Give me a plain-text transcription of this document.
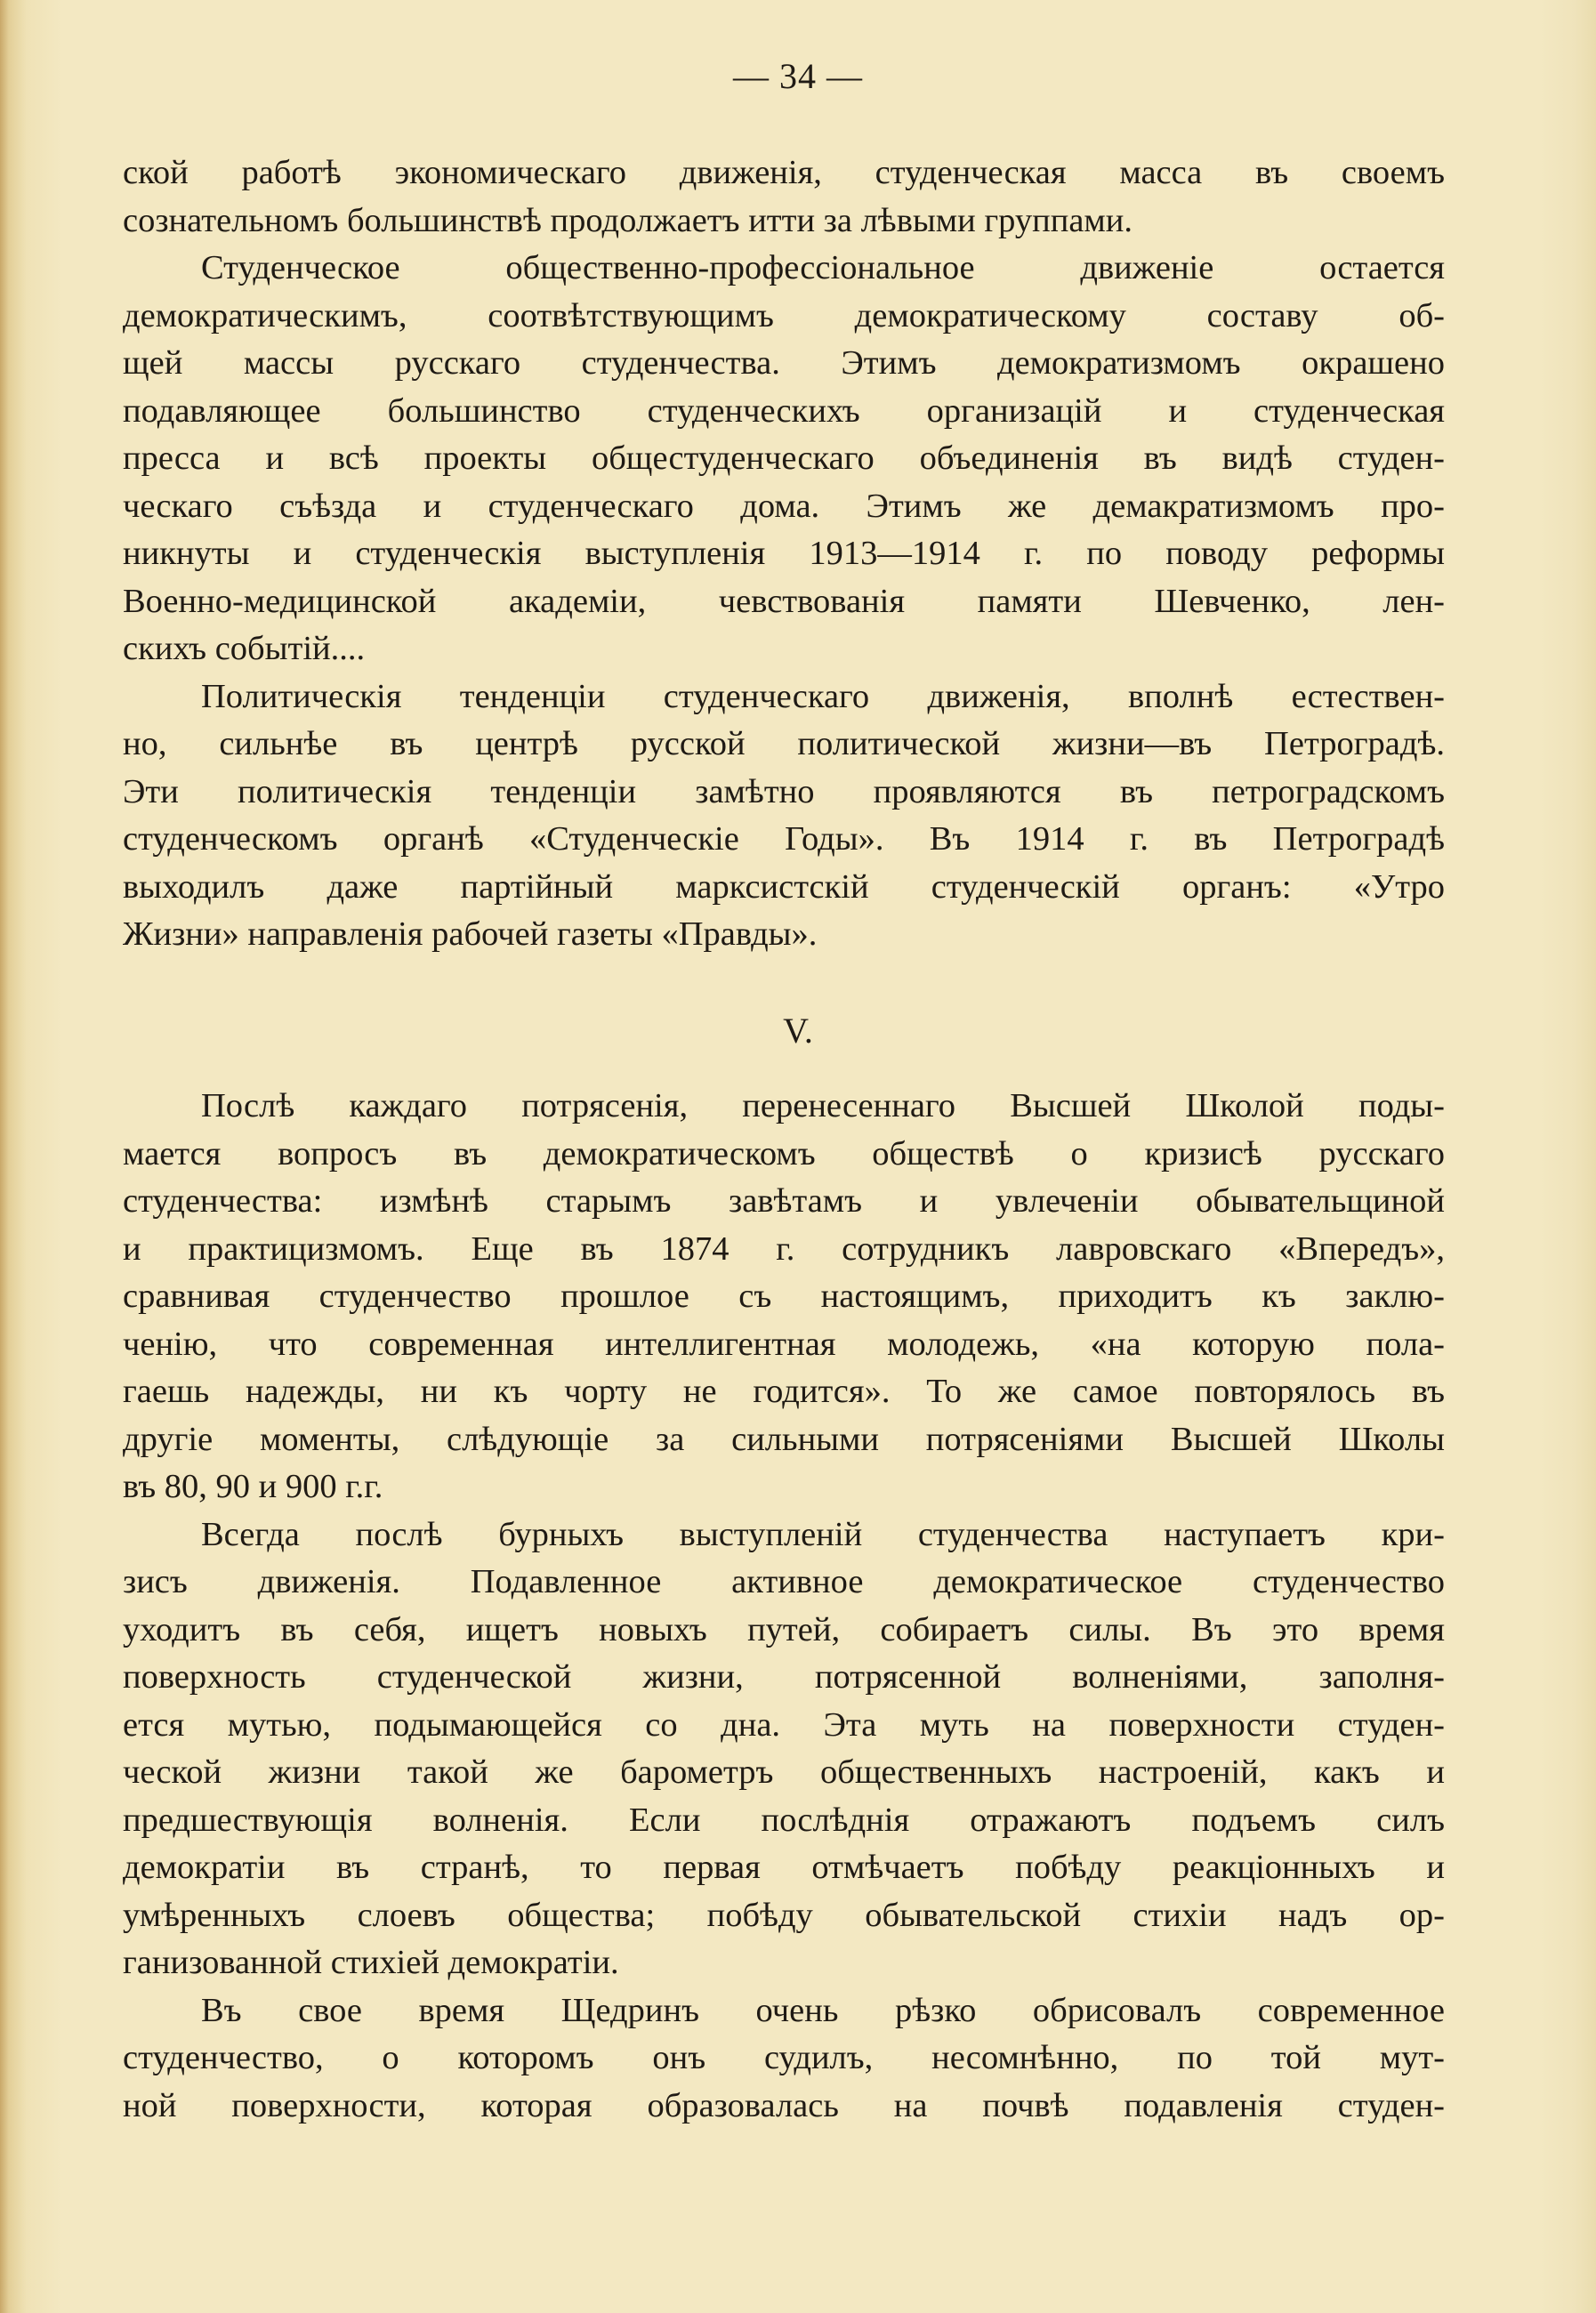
— 34 —
ской работѣ экономическаго движенія, студенческая масса въ своемъ
сознательномъ большинствѣ продолжаетъ итти за лѣвыми группами.
Студенческое общественно-профессіональное движеніе остается
демократическимъ, соотвѣтствующимъ демократическому составу об-
щей массы русскаго студенчества. Этимъ демократизмомъ окрашено
подавляющее большинство студенческихъ организацій и студенческая
пресса и всѣ проекты общестуденческаго объединенія въ видѣ студен-
ческаго съѣзда и студенческаго дома. Этимъ же демакратизмомъ про-
никнуты и студенческія выступленія 1913—1914 г. по поводу реформы
Военно-медицинской академіи, чевствованія памяти Шевченко, лен-
скихъ событій....
Политическія тенденціи студенческаго движенія, вполнѣ естествен-
но, сильнѣе въ центрѣ русской политической жизни—въ Петроградѣ.
Эти политическія тенденціи замѣтно проявляются въ петроградскомъ
студенческомъ органѣ «Студенческіе Годы». Въ 1914 г. въ Петроградѣ
выходилъ даже партійный марксистскій студенческій органъ: «Утро
Жизни» направленія рабочей газеты «Правды».
V.
Послѣ каждаго потрясенія, перенесеннаго Высшей Школой поды-
мается вопросъ въ демократическомъ обществѣ о кризисѣ русскаго
студенчества: измѣнѣ старымъ завѣтамъ и увлеченіи обывательщиной
и практицизмомъ. Еще въ 1874 г. сотрудникъ лавровскаго «Впередъ»,
сравнивая студенчество прошлое съ настоящимъ, приходитъ къ заклю-
ченію, что современная интеллигентная молодежь, «на которую пола-
гаешь надежды, ни къ чорту не годится». То же самое повторялось въ
другіе моменты, слѣдующіе за сильными потрясеніями Высшей Школы
въ 80, 90 и 900 г.г.
Всегда послѣ бурныхъ выступленій студенчества наступаетъ кри-
зисъ движенія. Подавленное активное демократическое студенчество
уходитъ въ себя, ищетъ новыхъ путей, собираетъ силы. Въ это время
поверхность студенческой жизни, потрясенной волненіями, заполня-
ется мутью, подымающейся со дна. Эта муть на поверхности студен-
ческой жизни такой же барометръ общественныхъ настроеній, какъ и
предшествующія волненія. Если послѣднія отражаютъ подъемъ силъ
демократіи въ странѣ, то первая отмѣчаетъ побѣду реакціонныхъ и
умѣренныхъ слоевъ общества; побѣду обывательской стихіи надъ ор-
ганизованной стихіей демократіи.
Въ свое время Щедринъ очень рѣзко обрисовалъ современное
студенчество, о которомъ онъ судилъ, несомнѣнно, по той мут-
ной поверхности, которая образовалась на почвѣ подавленія студен-
